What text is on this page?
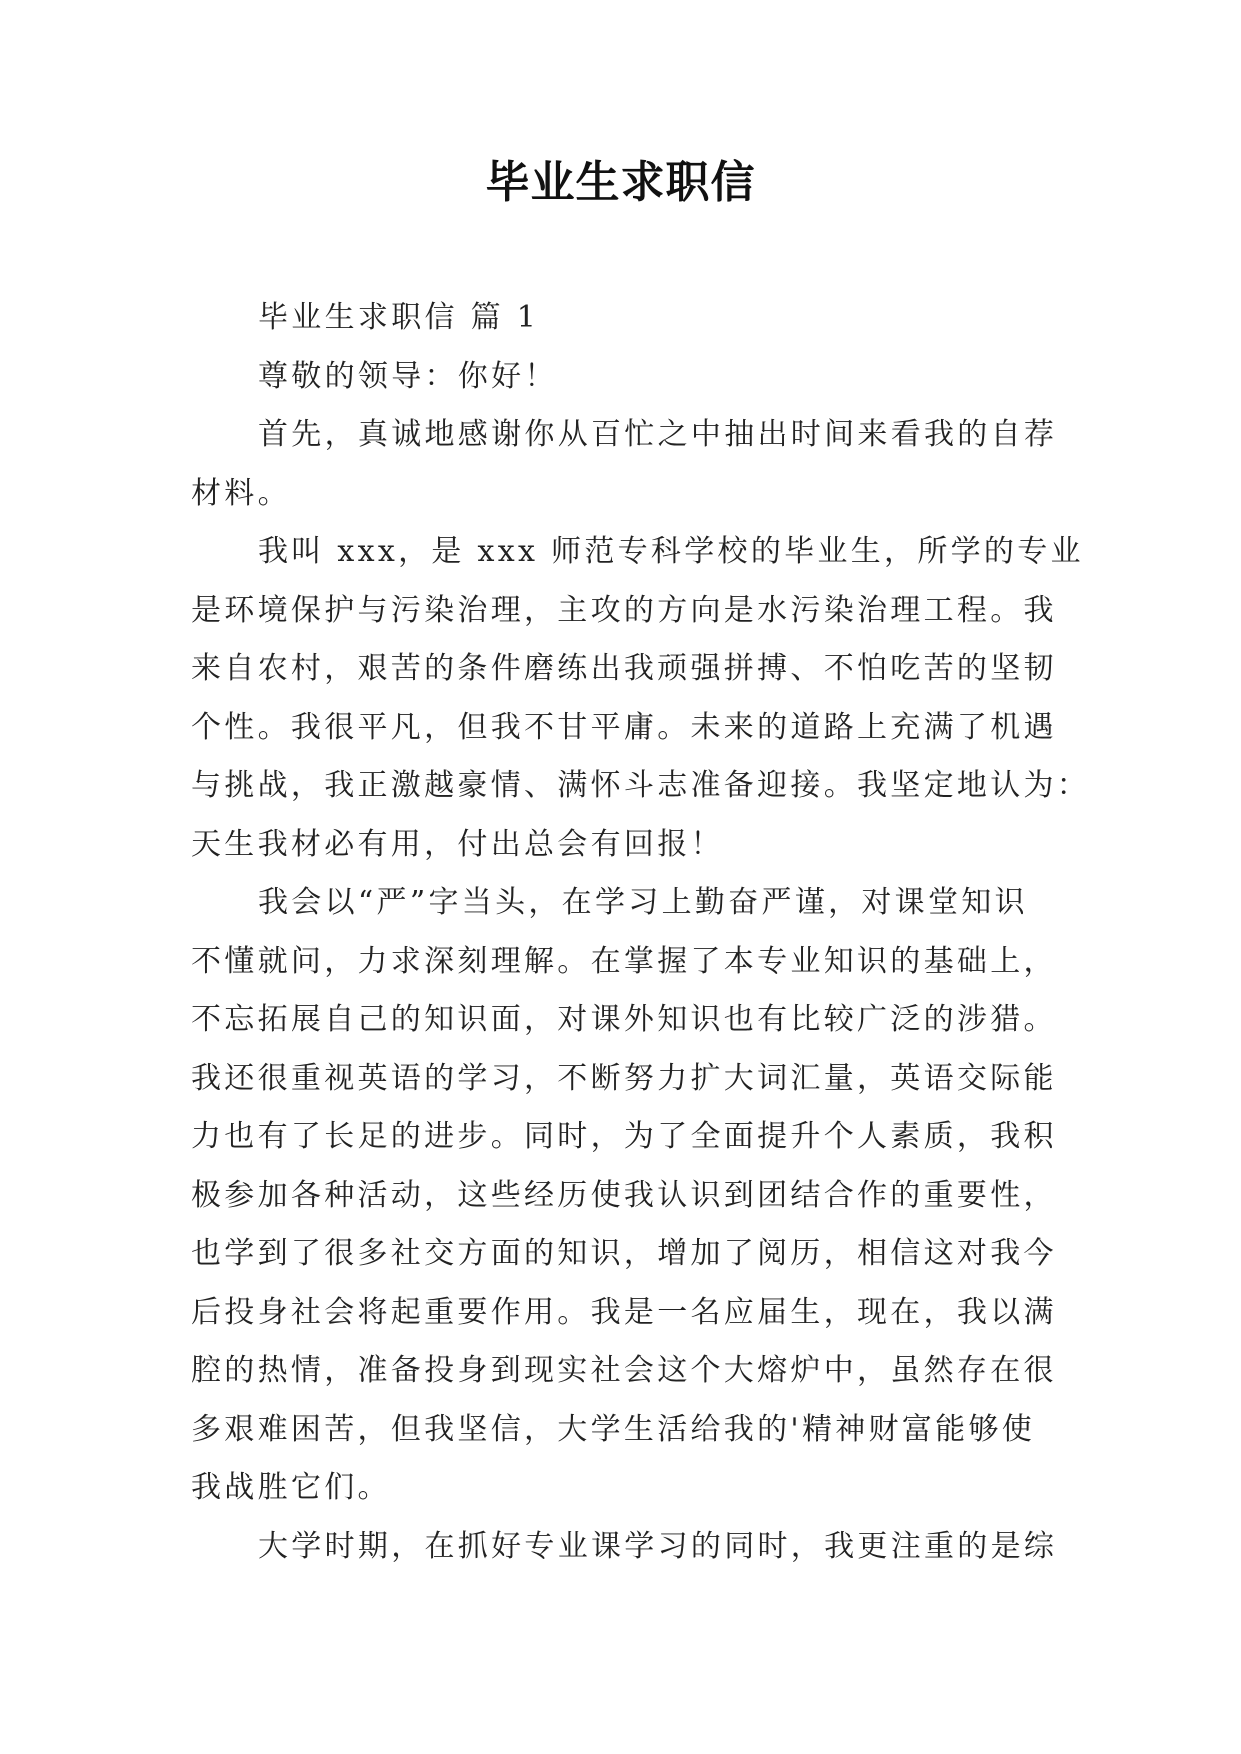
毕业生求职信
毕业生求职信 篇 1
尊敬的领导：你好！
首先，真诚地感谢你从百忙之中抽出时间来看我的自荐
材料。
我叫 xxx，是 xxx 师范专科学校的毕业生，所学的专业
是环境保护与污染治理，主攻的方向是水污染治理工程。我
来自农村，艰苦的条件磨练出我顽强拼搏、不怕吃苦的坚韧
个性。我很平凡，但我不甘平庸。未来的道路上充满了机遇
与挑战，我正激越豪情、满怀斗志准备迎接。我坚定地认为：
天生我材必有用，付出总会有回报！
我会以“严”字当头，在学习上勤奋严谨，对课堂知识
不懂就问，力求深刻理解。在掌握了本专业知识的基础上，
不忘拓展自己的知识面，对课外知识也有比较广泛的涉猎。
我还很重视英语的学习，不断努力扩大词汇量，英语交际能
力也有了长足的进步。同时，为了全面提升个人素质，我积
极参加各种活动，这些经历使我认识到团结合作的重要性，
也学到了很多社交方面的知识，增加了阅历，相信这对我今
后投身社会将起重要作用。我是一名应届生，现在，我以满
腔的热情，准备投身到现实社会这个大熔炉中，虽然存在很
多艰难困苦，但我坚信，大学生活给我的'精神财富能够使
我战胜它们。
大学时期，在抓好专业课学习的同时，我更注重的是综
